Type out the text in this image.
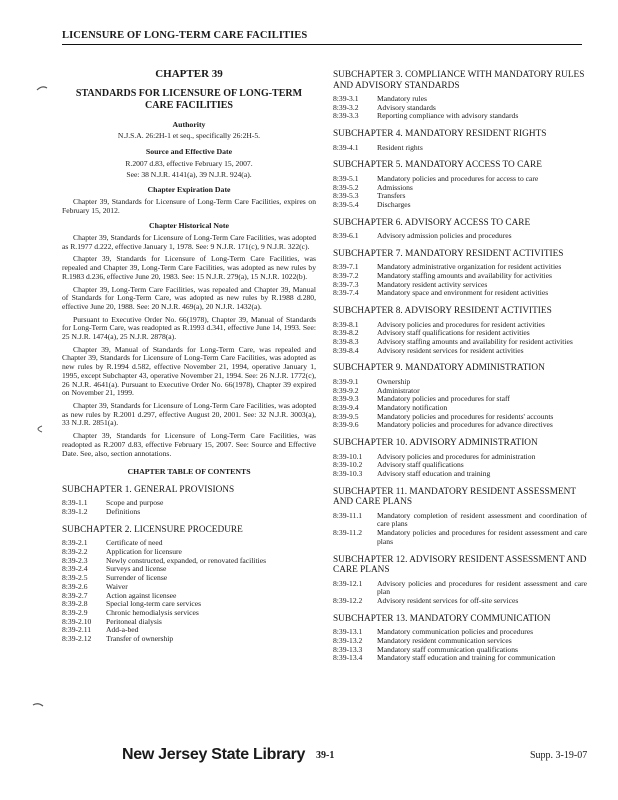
LICENSURE OF LONG-TERM CARE FACILITIES
CHAPTER 39
STANDARDS FOR LICENSURE OF LONG-TERM CARE FACILITIES
Authority
N.J.S.A. 26:2H-1 et seq., specifically 26:2H-5.
Source and Effective Date
R.2007 d.83, effective February 15, 2007.
See: 38 N.J.R. 4141(a), 39 N.J.R. 924(a).
Chapter Expiration Date
Chapter 39, Standards for Licensure of Long-Term Care Facilities, expires on February 15, 2012.
Chapter Historical Note
Chapter 39, Standards for Licensure of Long-Term Care Facilities, was adopted as R.1977 d.222, effective January 1, 1978. See: 9 N.J.R. 171(c), 9 N.J.R. 322(c).
Chapter 39, Standards for Licensure of Long-Term Care Facilities, was repealed and Chapter 39, Long-Term Care Facilities, was adopted as new rules by R.1983 d.236, effective June 20, 1983. See: 15 N.J.R. 279(a), 15 N.J.R. 1022(b).
Chapter 39, Long-Term Care Facilities, was repealed and Chapter 39, Manual of Standards for Long-Term Care, was adopted as new rules by R.1988 d.280, effective June 20, 1988. See: 20 N.J.R. 469(a), 20 N.J.R. 1432(a).
Pursuant to Executive Order No. 66(1978), Chapter 39, Manual of Standards for Long-Term Care, was readopted as R.1993 d.341, effective June 14, 1993. See: 25 N.J.R. 1474(a), 25 N.J.R. 2878(a).
Chapter 39, Manual of Standards for Long-Term Care, was repealed and Chapter 39, Standards for Licensure of Long-Term Care Facilities, was adopted as new rules by R.1994 d.582, effective November 21, 1994, operative January 1, 1995, except Subchapter 43, operative November 21, 1994. See: 26 N.J.R. 1772(c), 26 N.J.R. 4641(a). Pursuant to Executive Order No. 66(1978), Chapter 39 expired on November 21, 1999.
Chapter 39, Standards for Licensure of Long-Term Care Facilities, was adopted as new rules by R.2001 d.297, effective August 20, 2001. See: 32 N.J.R. 3003(a), 33 N.J.R. 2851(a).
Chapter 39, Standards for Licensure of Long-Term Care Facilities, was readopted as R.2007 d.83, effective February 15, 2007. See: Source and Effective Date. See, also, section annotations.
CHAPTER TABLE OF CONTENTS
SUBCHAPTER 1. GENERAL PROVISIONS
8:39-1.1	Scope and purpose
8:39-1.2	Definitions
SUBCHAPTER 2. LICENSURE PROCEDURE
8:39-2.1	Certificate of need
8:39-2.2	Application for licensure
8:39-2.3	Newly constructed, expanded, or renovated facilities
8:39-2.4	Surveys and license
8:39-2.5	Surrender of license
8:39-2.6	Waiver
8:39-2.7	Action against licensee
8:39-2.8	Special long-term care services
8:39-2.9	Chronic hemodialysis services
8:39-2.10	Peritoneal dialysis
8:39-2.11	Add-a-bed
8:39-2.12	Transfer of ownership
SUBCHAPTER 3. COMPLIANCE WITH MANDATORY RULES AND ADVISORY STANDARDS
8:39-3.1	Mandatory rules
8:39-3.2	Advisory standards
8:39-3.3	Reporting compliance with advisory standards
SUBCHAPTER 4. MANDATORY RESIDENT RIGHTS
8:39-4.1	Resident rights
SUBCHAPTER 5. MANDATORY ACCESS TO CARE
8:39-5.1	Mandatory policies and procedures for access to care
8:39-5.2	Admissions
8:39-5.3	Transfers
8:39-5.4	Discharges
SUBCHAPTER 6. ADVISORY ACCESS TO CARE
8:39-6.1	Advisory admission policies and procedures
SUBCHAPTER 7. MANDATORY RESIDENT ACTIVITIES
8:39-7.1	Mandatory administrative organization for resident activities
8:39-7.2	Mandatory staffing amounts and availability for activities
8:39-7.3	Mandatory resident activity services
8:39-7.4	Mandatory space and environment for resident activities
SUBCHAPTER 8. ADVISORY RESIDENT ACTIVITIES
8:39-8.1	Advisory policies and procedures for resident activities
8:39-8.2	Advisory staff qualifications for resident activities
8:39-8.3	Advisory staffing amounts and availability for resident activities
8:39-8.4	Advisory resident services for resident activities
SUBCHAPTER 9. MANDATORY ADMINISTRATION
8:39-9.1	Ownership
8:39-9.2	Administrator
8:39-9.3	Mandatory policies and procedures for staff
8:39-9.4	Mandatory notification
8:39-9.5	Mandatory policies and procedures for residents' accounts
8:39-9.6	Mandatory policies and procedures for advance directives
SUBCHAPTER 10. ADVISORY ADMINISTRATION
8:39-10.1	Advisory policies and procedures for administration
8:39-10.2	Advisory staff qualifications
8:39-10.3	Advisory staff education and training
SUBCHAPTER 11. MANDATORY RESIDENT ASSESSMENT AND CARE PLANS
8:39-11.1	Mandatory completion of resident assessment and coordination of care plans
8:39-11.2	Mandatory policies and procedures for resident assessment and care plans
SUBCHAPTER 12. ADVISORY RESIDENT ASSESSMENT AND CARE PLANS
8:39-12.1	Advisory policies and procedures for resident assessment and care plan
8:39-12.2	Advisory resident services for off-site services
SUBCHAPTER 13. MANDATORY COMMUNICATION
8:39-13.1	Mandatory communication policies and procedures
8:39-13.2	Mandatory resident communication services
8:39-13.3	Mandatory staff communication qualifications
8:39-13.4	Mandatory staff education and training for communication
New Jersey State Library 39-1	Supp. 3-19-07
